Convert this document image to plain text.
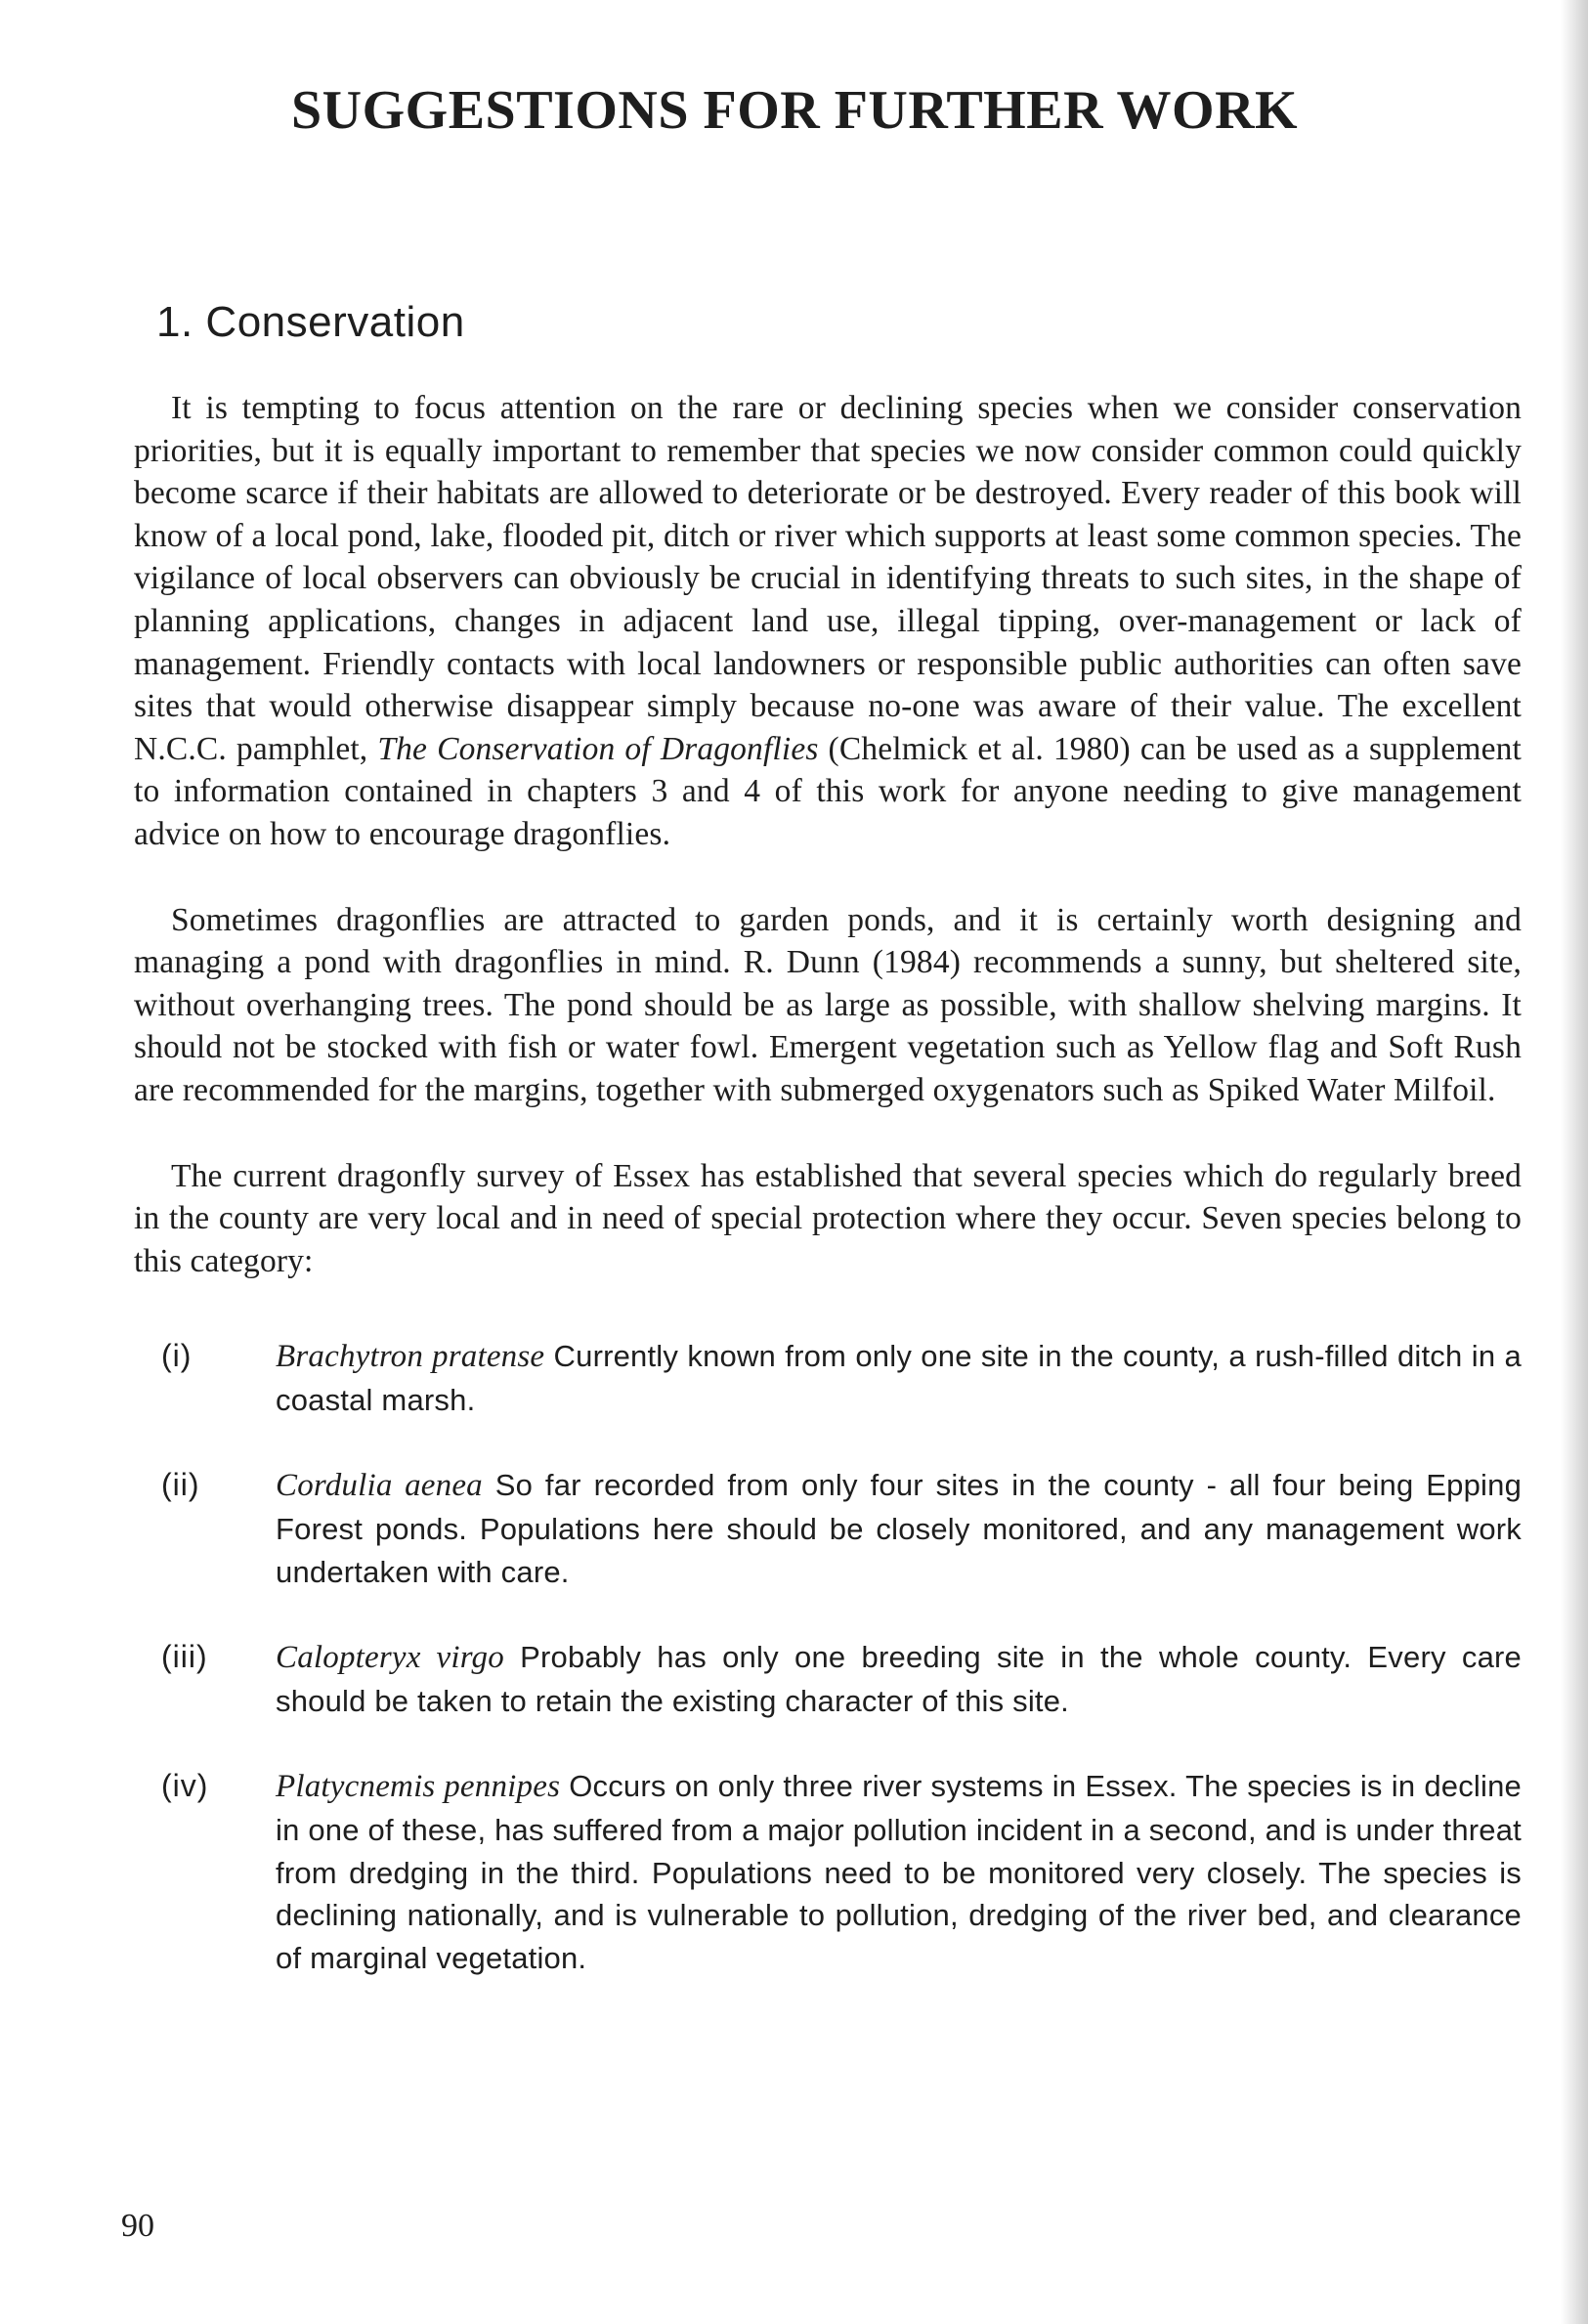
SUGGESTIONS FOR FURTHER WORK
1. Conservation

It is tempting to focus attention on the rare or declining species when we consider conservation priorities, but it is equally important to remember that species we now consider common could quickly become scarce if their habitats are allowed to deteriorate or be destroyed. Every reader of this book will know of a local pond, lake, flooded pit, ditch or river which supports at least some common species. The vigilance of local observers can obviously be crucial in identifying threats to such sites, in the shape of planning applications, changes in adjacent land use, illegal tipping, over-management or lack of management. Friendly contacts with local landowners or responsible public authorities can often save sites that would otherwise disappear simply because no-one was aware of their value. The excellent N.C.C. pamphlet, The Conservation of Dragonflies (Chelmick et al. 1980) can be used as a supplement to information contained in chapters 3 and 4 of this work for anyone needing to give management advice on how to encourage dragonflies.

Sometimes dragonflies are attracted to garden ponds, and it is certainly worth designing and managing a pond with dragonflies in mind. R. Dunn (1984) recommends a sunny, but sheltered site, without overhanging trees. The pond should be as large as possible, with shallow shelving margins. It should not be stocked with fish or water fowl. Emergent vegetation such as Yellow flag and Soft Rush are recommended for the margins, together with submerged oxygenators such as Spiked Water Milfoil.

The current dragonfly survey of Essex has established that several species which do regularly breed in the county are very local and in need of special protection where they occur. Seven species belong to this category:

(i)	Brachytron pratense Currently known from only one site in the county, a rush-filled ditch in a coastal marsh.
(ii)	Cordulia aenea So far recorded from only four sites in the county - all four being Epping Forest ponds. Populations here should be closely monitored, and any management work undertaken with care.
(iii)	Calopteryx virgo Probably has only one breeding site in the whole county. Every care should be taken to retain the existing character of this site.
(iv)	Platycnemis pennipes Occurs on only three river systems in Essex. The species is in decline in one of these, has suffered from a major pollution incident in a second, and is under threat from dredging in the third. Populations need to be monitored very closely. The species is declining nationally, and is vulnerable to pollution, dredging of the river bed, and clearance of marginal vegetation.

90
